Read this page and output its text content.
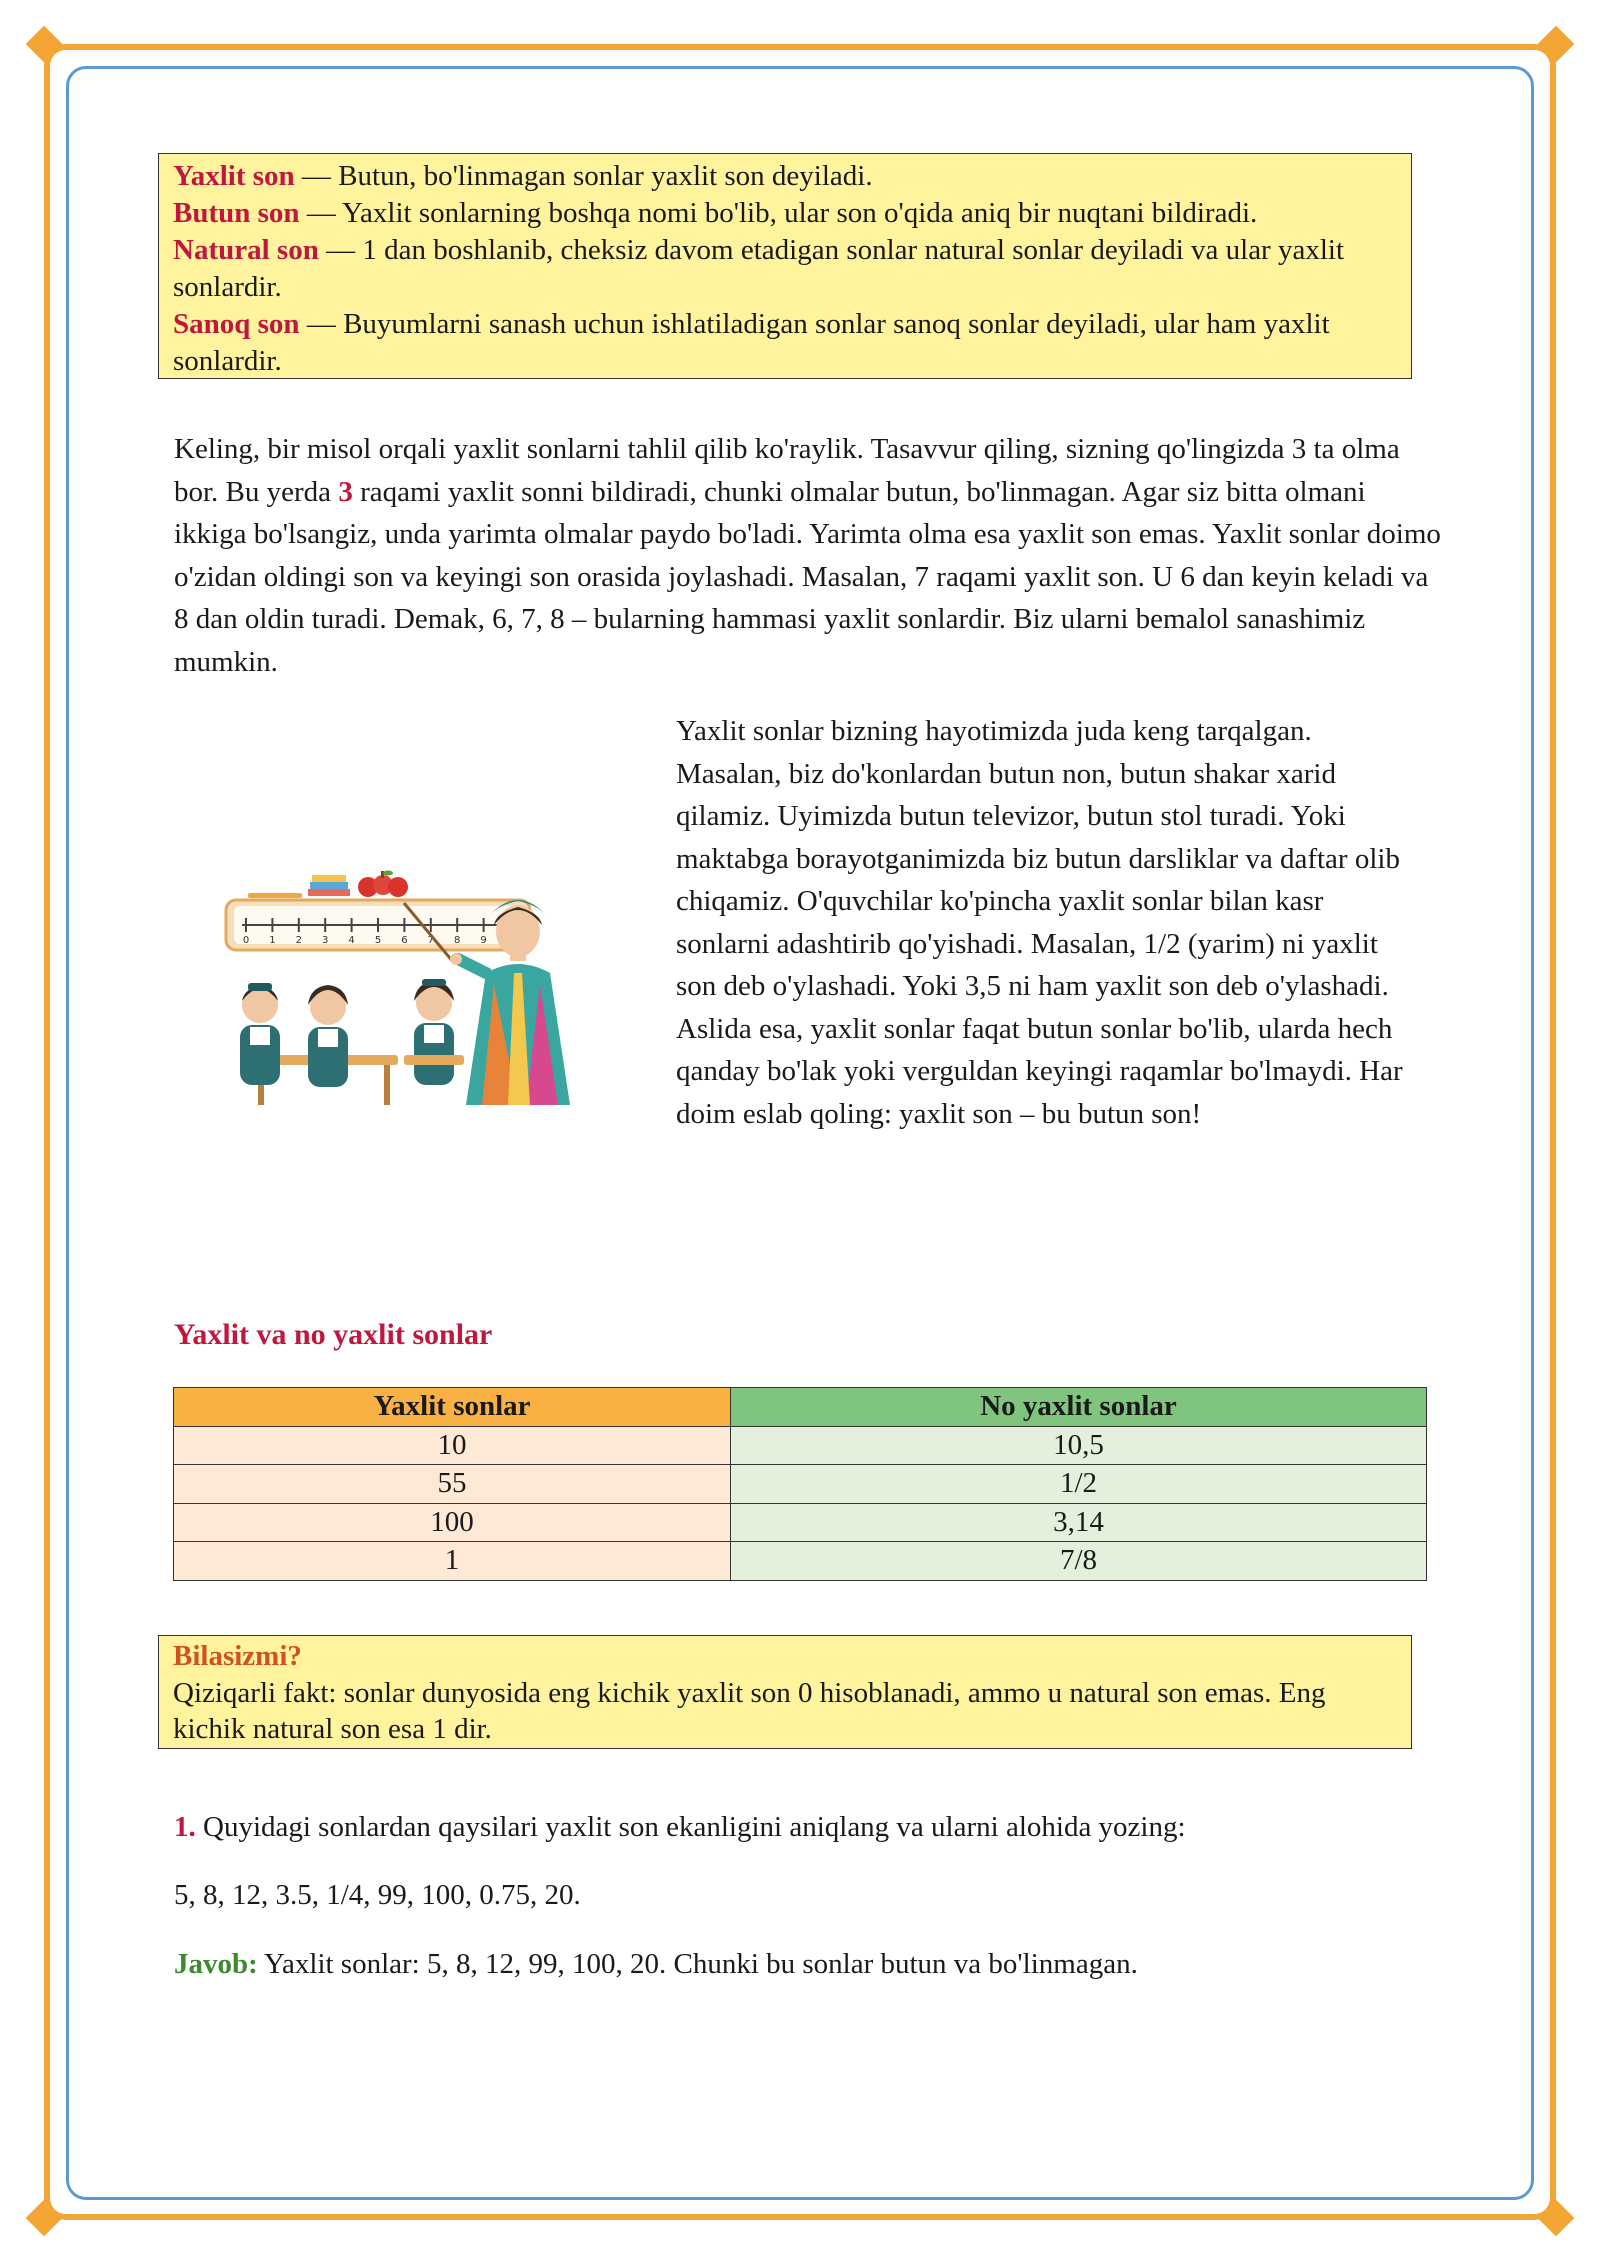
Yaxlit son — Butun, bo'linmagan sonlar yaxlit son deyiladi.
Butun son — Yaxlit sonlarning boshqa nomi bo'lib, ular son o'qida aniq bir nuqtani bildiradi.
Natural son — 1 dan boshlanib, cheksiz davom etadigan sonlar natural sonlar deyiladi va ular yaxlit sonlardir.
Sanoq son — Buyumlarni sanash uchun ishlatiladigan sonlar sanoq sonlar deyiladi, ular ham yaxlit sonlardir.
Keling, bir misol orqali yaxlit sonlarni tahlil qilib ko'raylik. Tasavvur qiling, sizning qo'lingizda 3 ta olma bor. Bu yerda 3 raqami yaxlit sonni bildiradi, chunki olmalar butun, bo'linmagan. Agar siz bitta olmani ikkiga bo'lsangiz, unda yarimta olmalar paydo bo'ladi. Yarimta olma esa yaxlit son emas. Yaxlit sonlar doimo o'zidan oldingi son va keyingi son orasida joylashadi. Masalan, 7 raqami yaxlit son. U 6 dan keyin keladi va 8 dan oldin turadi. Demak, 6, 7, 8 – bularning hammasi yaxlit sonlardir. Biz ularni bemalol sanashimiz mumkin.
0 1 2 3 4 5 6 7 8 9
Yaxlit sonlar bizning hayotimizda juda keng tarqalgan. Masalan, biz do'konlardan butun non, butun shakar xarid qilamiz. Uyimizda butun televizor, butun stol turadi. Yoki maktabga borayotganimizda biz butun darsliklar va daftar olib chiqamiz. O'quvchilar ko'pincha yaxlit sonlar bilan kasr sonlarni adashtirib qo'yishadi. Masalan, 1/2 (yarim) ni yaxlit son deb o'ylashadi. Yoki 3,5 ni ham yaxlit son deb o'ylashadi. Aslida esa, yaxlit sonlar faqat butun sonlar bo'lib, ularda hech qanday bo'lak yoki verguldan keyingi raqamlar bo'lmaydi. Har doim eslab qoling: yaxlit son – bu butun son!
Yaxlit va no yaxlit sonlar
Yaxlit sonlar	No yaxlit sonlar
10	10,5
55	1/2
100	3,14
1	7/8
Bilasizmi?
Qiziqarli fakt: sonlar dunyosida eng kichik yaxlit son 0 hisoblanadi, ammo u natural son emas. Eng kichik natural son esa 1 dir.
1. Quyidagi sonlardan qaysilari yaxlit son ekanligini aniqlang va ularni alohida yozing:
5, 8, 12, 3.5, 1/4, 99, 100, 0.75, 20.
Javob: Yaxlit sonlar: 5, 8, 12, 99, 100, 20. Chunki bu sonlar butun va bo'linmagan.
